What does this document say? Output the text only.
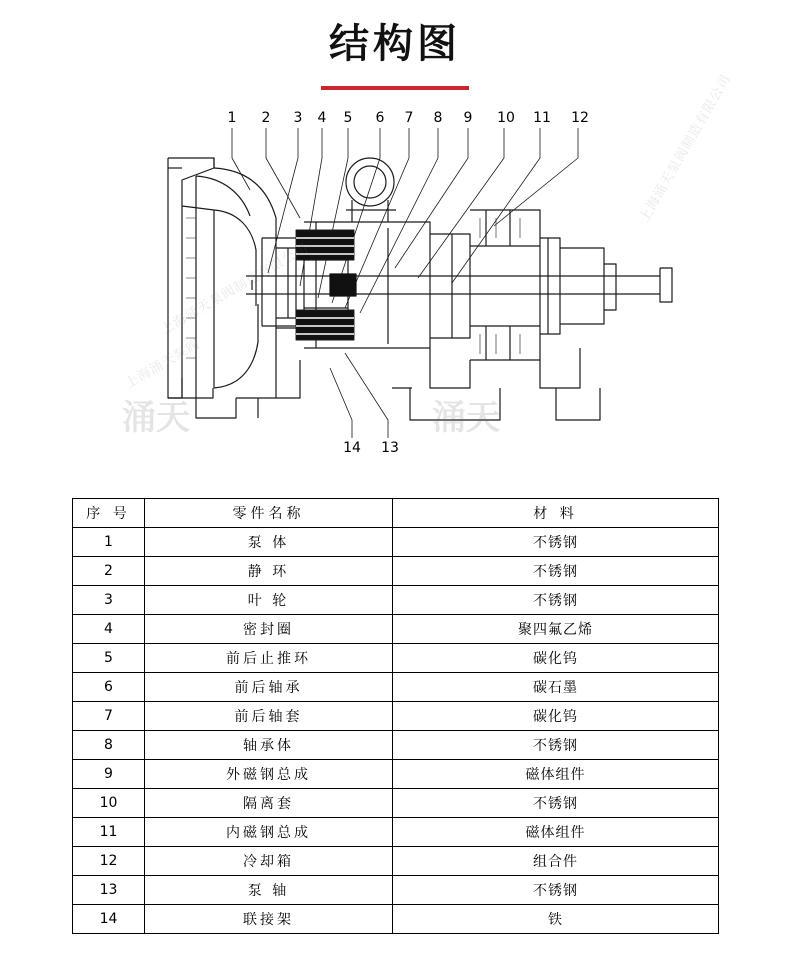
结构图
1 2 3 4 5 6 7 8 9 10 11 12
14 13
上海涌天泵阀制造有限公司
上海涌天泵阀
上海涌天泵阀制造有限公司
涌天	涌天
序 号	零件名称	材 料
1	泵 体	不锈钢
2	静 环	不锈钢
3	叶 轮	不锈钢
4	密封圈	聚四氟乙烯
5	前后止推环	碳化钨
6	前后轴承	碳石墨
7	前后轴套	碳化钨
8	轴承体	不锈钢
9	外磁钢总成	磁体组件
10	隔离套	不锈钢
11	内磁钢总成	磁体组件
12	冷却箱	组合件
13	泵 轴	不锈钢
14	联接架	铁
